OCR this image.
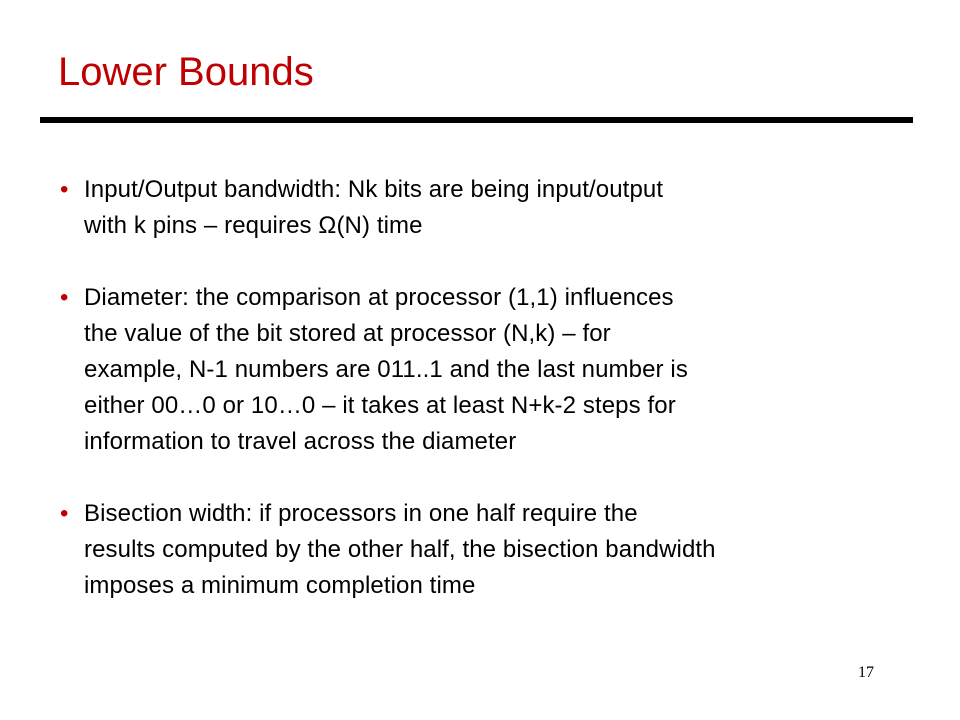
Lower Bounds
• Input/Output bandwidth: Nk bits are being input/output
with k pins – requires Ω(N) time
• Diameter: the comparison at processor (1,1) influences
the value of the bit stored at processor (N,k) – for
example, N-1 numbers are 011..1 and the last number is
either 00…0 or 10…0 – it takes at least N+k-2 steps for
information to travel across the diameter
• Bisection width: if processors in one half require the
results computed by the other half, the bisection bandwidth
imposes a minimum completion time
17
